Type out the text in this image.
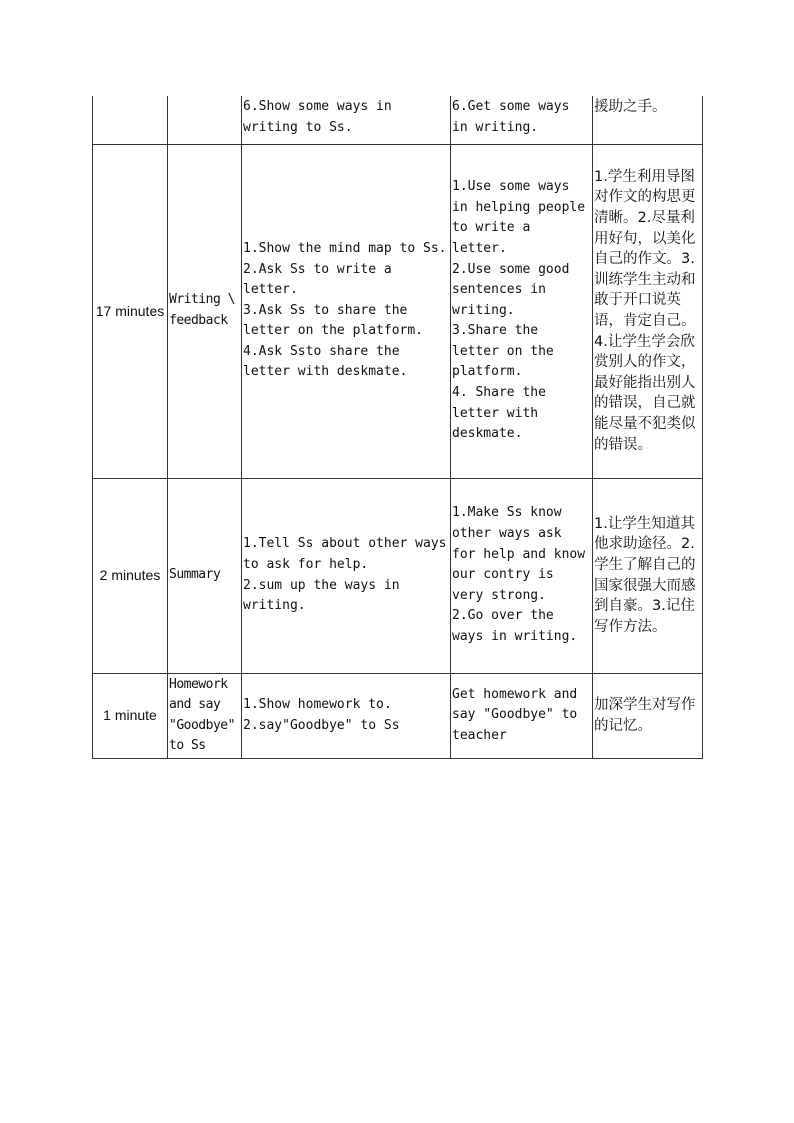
		6.Show some ways in writing to Ss.	6.Get some ways in writing.	援助之手。
17 minutes	Writing \ feedback	1.Show the mind map to Ss.
2.Ask Ss to write a letter.
3.Ask Ss to share the letter on the platform.
4.Ask Ssto share the letter with deskmate.	1.Use some ways in helping people to write a letter.
2.Use some good sentences in writing.
3.Share the letter on the platform.
4. Share the letter with deskmate.	1.学生利用导图对作文的构思更清晰。2.尽量利用好句，以美化自己的作文。3.训练学生主动和敢于开口说英语，肯定自己。4.让学生学会欣赏别人的作文，最好能指出别人的错误，自己就能尽量不犯类似的错误。
2 minutes	Summary	1.Tell Ss about other ways to ask for help.
2.sum up the ways in writing.	1.Make Ss know other ways ask for help and know our contry is very strong.
2.Go over the ways in writing.	1.让学生知道其他求助途径。2.学生了解自己的国家很强大而感到自豪。3.记住写作方法。
1 minute	Homework and say "Goodbye" to Ss	1.Show homework to.
2.say"Goodbye" to Ss	Get homework and say "Goodbye" to teacher	加深学生对写作的记忆。
